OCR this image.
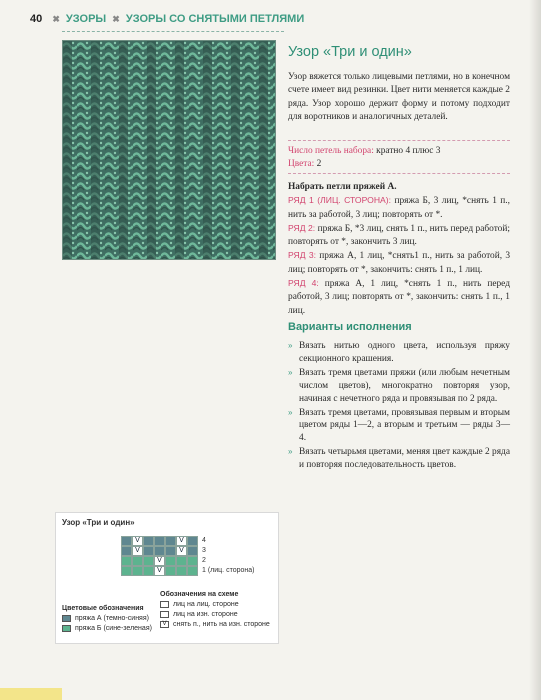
40 ✖ УЗОРЫ ✖ УЗОРЫ СО СНЯТЫМИ ПЕТЛЯМИ
Узор «Три и один»
Узор вяжется только лицевыми петлями, но в конечном счете имеет вид резинки. Цвет нити меняется каждые 2 ряда. Узор хорошо держит форму и потому подходит для воротников и аналогичных деталей.
Число петель набора: кратно 4 плюс 3
Цвета: 2
Набрать петли пряжей А.
РЯД 1 (ЛИЦ. СТОРОНА): пряжа Б, 3 лиц, *снять 1 п., нить за работой, 3 лиц; повторять от *.
РЯД 2: пряжа Б, *3 лиц, снять 1 п., нить перед работой; повторять от *, закончить 3 лиц.
РЯД 3: пряжа А, 1 лиц, *снять1 п., нить за работой, 3 лиц; повторять от *, закончить: снять 1 п., 1 лиц.
РЯД 4: пряжа А, 1 лиц, *снять 1 п., нить перед работой, 3 лиц; повторять от *, закончить: снять 1 п., 1 лиц.
Варианты исполнения
» Вязать нитью одного цвета, используя пряжу секционного крашения.
» Вязать тремя цветами пряжи (или любым нечетным числом цветов), многократно повторяя узор, начиная с нечетного ряда и провязывая по 2 ряда.
» Вязать тремя цветами, провязывая первым и вторым цветом ряды 1—2, а вторым и третьим — ряды 3—4.
» Вязать четырьмя цветами, меняя цвет каждые 2 ряда и повторяя последовательность цветов.
Узор «Три и один»
V	V	4
V	V	3
V	2
V	1 (лиц. сторона)
Обозначения на схеме
лиц на лиц. стороне
лиц на изн. стороне
V снять п., нить на изн. стороне
Цветовые обозначения
пряжа А (темно-синяя)
пряжа Б (сине-зеленая)
